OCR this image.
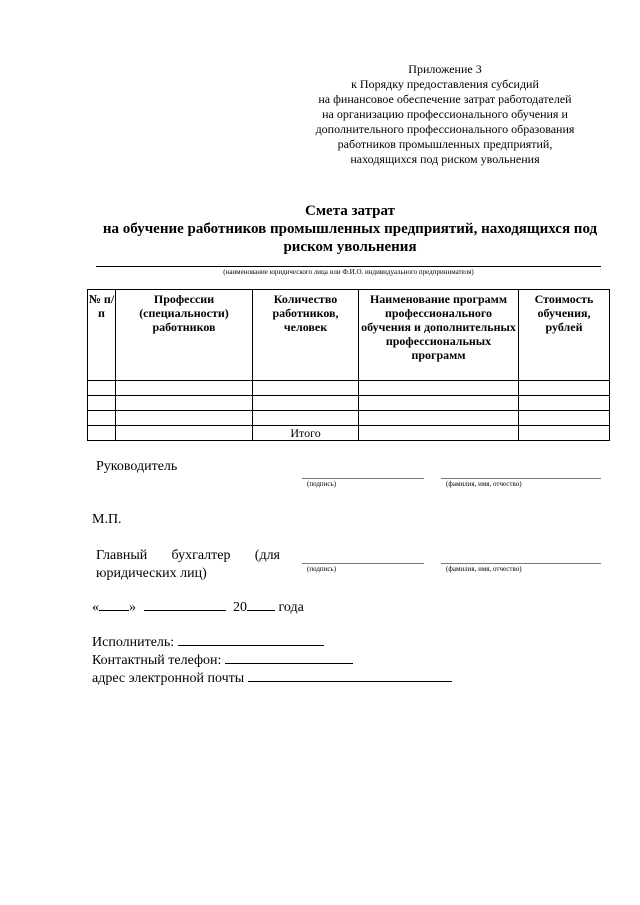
Приложение 3
к Порядку предоставления субсидий
на финансовое обеспечение затрат работодателей
на организацию профессионального обучения и
дополнительного профессионального образования
работников промышленных предприятий,
находящихся под риском увольнения
Смета затрат
на обучение работников промышленных предприятий, находящихся под
риском увольнения
(наименование юридического лица или Ф.И.О. индивидуального предпринимателя)
№ п/п	Профессии (специальности) работников	Количество работников, человек	Наименование программ профессионального обучения и дополнительных профессиональных программ	Стоимость обучения, рублей

		Итого		
Руководитель
(подпись)	(фамилия, имя, отчество)
М.П.
Главный бухгалтер (для
юридических лиц)	(подпись)	(фамилия, имя, отчество)
« »	20 года
Исполнитель:
Контактный телефон:
адрес электронной почты
